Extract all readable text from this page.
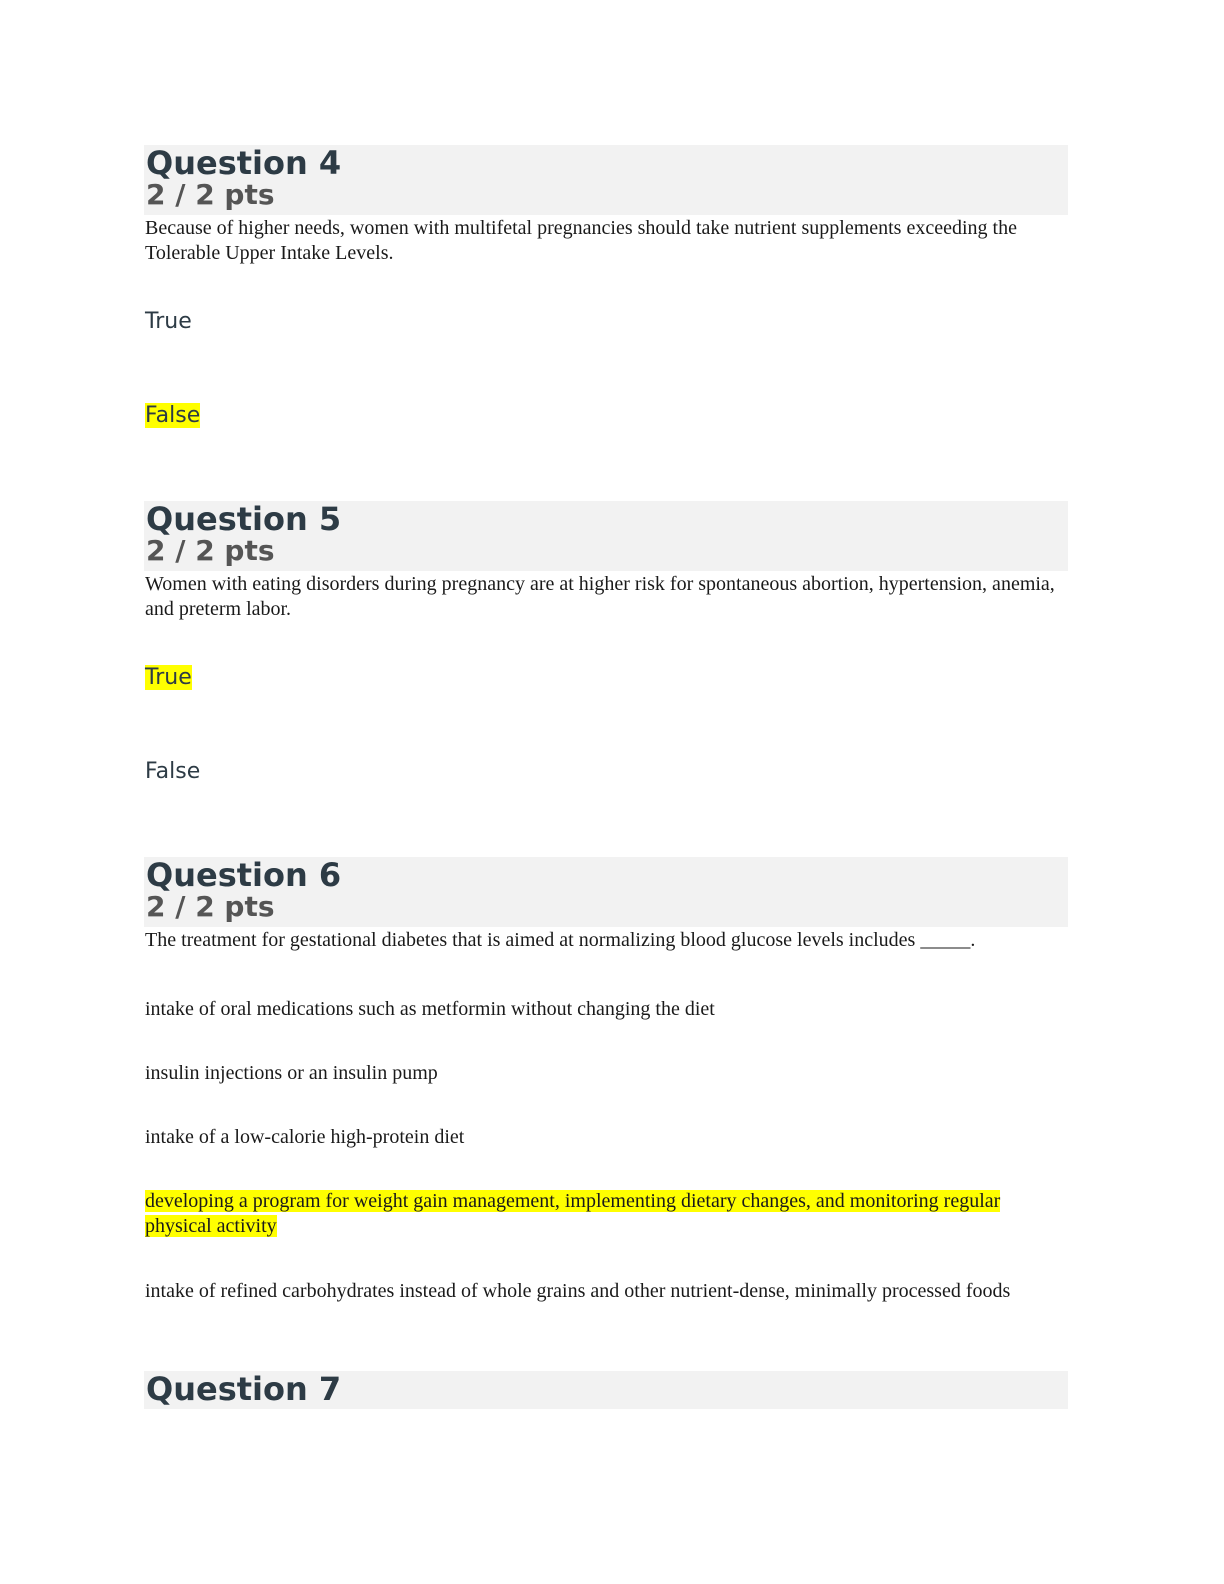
Question 4
2 / 2 pts
Because of higher needs, women with multifetal pregnancies should take nutrient supplements exceeding the Tolerable Upper Intake Levels.
True
False
Question 5
2 / 2 pts
Women with eating disorders during pregnancy are at higher risk for spontaneous abortion, hypertension, anemia, and preterm labor.
True
False
Question 6
2 / 2 pts
The treatment for gestational diabetes that is aimed at normalizing blood glucose levels includes _____.
intake of oral medications such as metformin without changing the diet
insulin injections or an insulin pump
intake of a low-calorie high-protein diet
developing a program for weight gain management, implementing dietary changes, and monitoring regular physical activity
intake of refined carbohydrates instead of whole grains and other nutrient-dense, minimally processed foods
Question 7
